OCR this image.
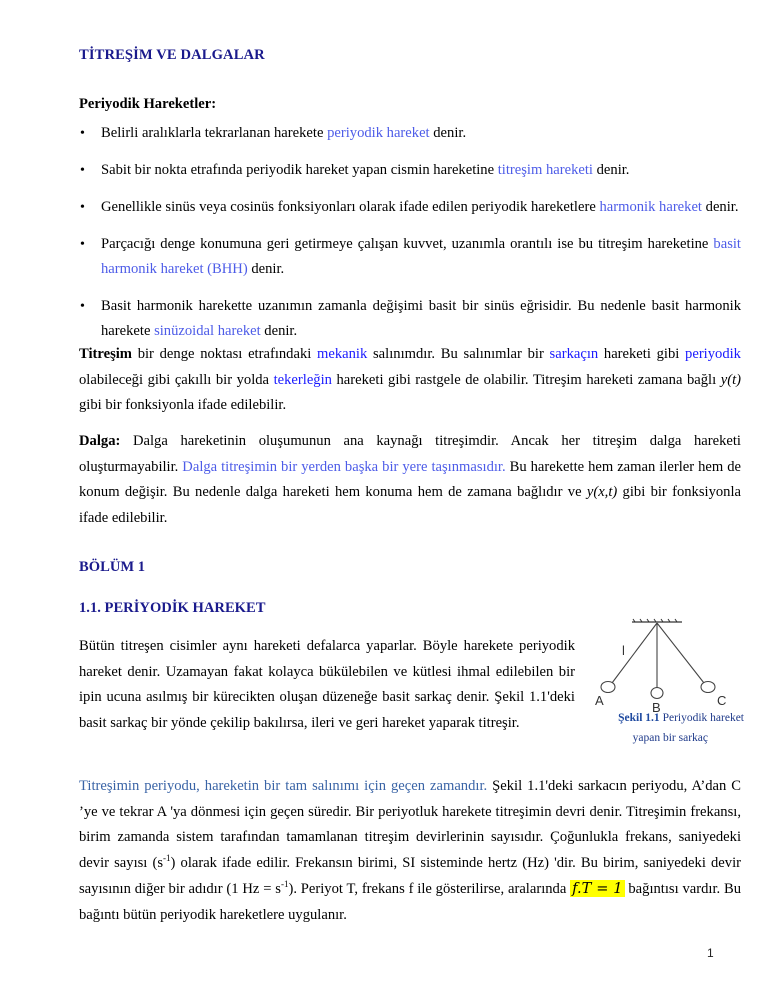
TİTREŞİM VE DALGALAR
Periyodik Hareketler:
• Belirli aralıklarla tekrarlanan harekete periyodik hareket denir.
• Sabit bir nokta etrafında periyodik hareket yapan cismin hareketine titreşim hareketi denir.
• Genellikle sinüs veya cosinüs fonksiyonları olarak ifade edilen periyodik hareketlere harmonik hareket denir.
• Parçacığı denge konumuna geri getirmeye çalışan kuvvet, uzanımla orantılı ise bu titreşim hareketine basit harmonik hareket (BHH) denir.
• Basit harmonik harekette uzanımın zamanla değişimi basit bir sinüs eğrisidir. Bu nedenle basit harmonik harekete sinüzoidal hareket denir.

Titreşim bir denge noktası etrafındaki mekanik salınımdır. Bu salınımlar bir sarkaçın hareketi gibi periyodik olabileceği gibi çakıllı bir yolda tekerleğin hareketi gibi rastgele de olabilir. Titreşim hareketi zamana bağlı y(t) gibi bir fonksiyonla ifade edilebilir.

Dalga: Dalga hareketinin oluşumunun ana kaynağı titreşimdir. Ancak her titreşim dalga hareketi oluşturmayabilir. Dalga titreşimin bir yerden başka bir yere taşınmasıdır. Bu harekette hem zaman ilerler hem de konum değişir. Bu nedenle dalga hareketi hem konuma hem de zamana bağlıdır ve y(x,t) gibi bir fonksiyonla ifade edilebilir.

BÖLÜM 1
1.1. PERİYODİK HAREKET

Bütün titreşen cisimler aynı hareketi defalarca yaparlar. Böyle harekete periyodik hareket denir. Uzamayan fakat kolayca bükülebilen ve kütlesi ihmal edilebilen bir ipin ucuna asılmış bir kürecikten oluşan düzeneğe basit sarkaç denir. Şekil 1.1'deki basit sarkaç bir yönde çekilip bakılırsa, ileri ve geri hareket yaparak titreşir.

l
A	B	C
Şekil 1.1 Periyodik hareket
yapan bir sarkaç

Titreşimin periyodu, hareketin bir tam salınımı için geçen zamandır. Şekil 1.1'deki sarkacın periyodu, A’dan C ’ye ve tekrar A 'ya dönmesi için geçen süredir. Bir periyotluk harekete titreşimin devri denir. Titreşimin frekansı, birim zamanda sistem tarafından tamamlanan titreşim devirlerinin sayısıdır. Çoğunlukla frekans, saniyedeki devir sayısı $(s^{-1})$ olarak ifade edilir. Frekansın birimi, SI sisteminde hertz (Hz) 'dir. Bu birim, saniyedeki devir sayısının diğer bir adıdır (1 $Hz = s^{-1}$). Periyot T, frekans f ile gösterilirse, aralarında f.T = 1 bağıntısı vardır. Bu bağıntı bütün periyodik hareketlere uygulanır.

1
